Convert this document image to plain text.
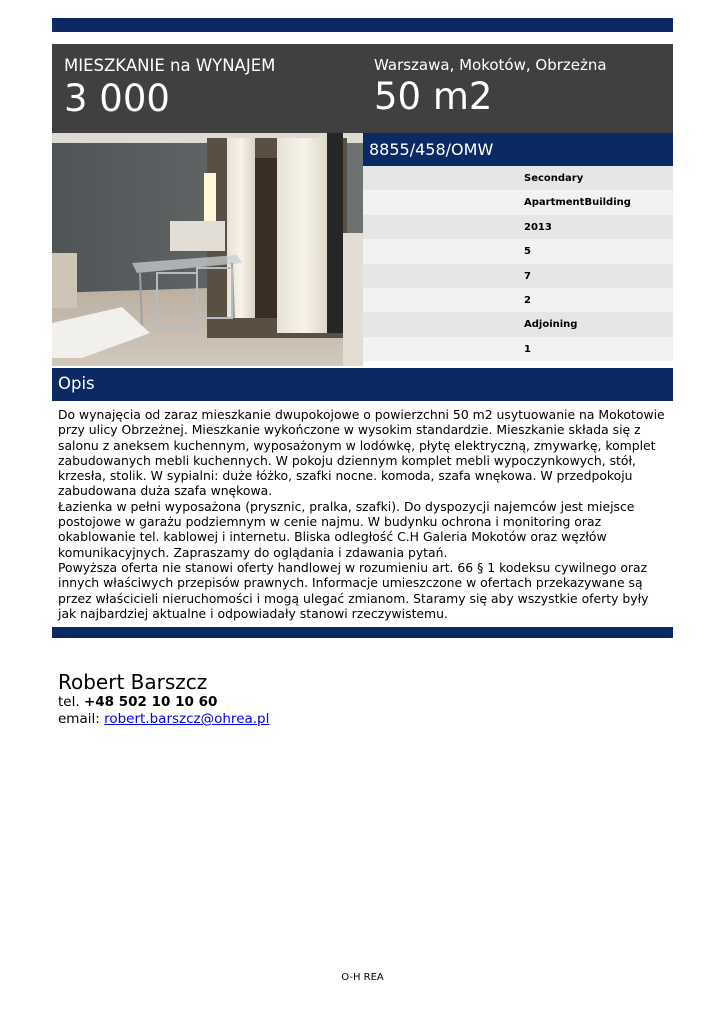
MIESZKANIE na WYNAJEM
3 000
Warszawa, Mokotów, Obrzeżna
50 m2
8855/458/OMW
Secondary
ApartmentBuilding
2013
5
7
2
Adjoining
1
Opis

Do wynajęcia od zaraz mieszkanie dwupokojowe o powierzchni 50 m2 usytuowanie na Mokotowie przy ulicy Obrzeżnej. Mieszkanie wykończone w wysokim standardzie. Mieszkanie składa się z salonu z aneksem kuchennym, wyposażonym w lodówkę, płytę elektryczną, zmywarkę, komplet zabudowanych mebli kuchennych. W pokoju dziennym komplet mebli wypoczynkowych, stół, krzesła, stolik. W sypialni: duże łóżko, szafki nocne. komoda, szafa wnękowa. W przedpokoju zabudowana duża szafa wnękowa.

Łazienka w pełni wyposażona (prysznic, pralka, szafki). Do dyspozycji najemców jest miejsce postojowe w garażu podziemnym w cenie najmu. W budynku ochrona i monitoring oraz okablowanie tel. kablowej i internetu. Bliska odległość C.H Galeria Mokotów oraz węzłów komunikacyjnych. Zapraszamy do oglądania i zdawania pytań.

Powyższa oferta nie stanowi oferty handlowej w rozumieniu art. 66 § 1 kodeksu cywilnego oraz innych właściwych przepisów prawnych. Informacje umieszczone w ofertach przekazywane są przez właścicieli nieruchomości i mogą ulegać zmianom. Staramy się aby wszystkie oferty były jak najbardziej aktualne i odpowiadały stanowi rzeczywistemu.

Robert Barszcz
tel. +48 502 10 10 60
email: robert.barszcz@ohrea.pl
O-H REA
